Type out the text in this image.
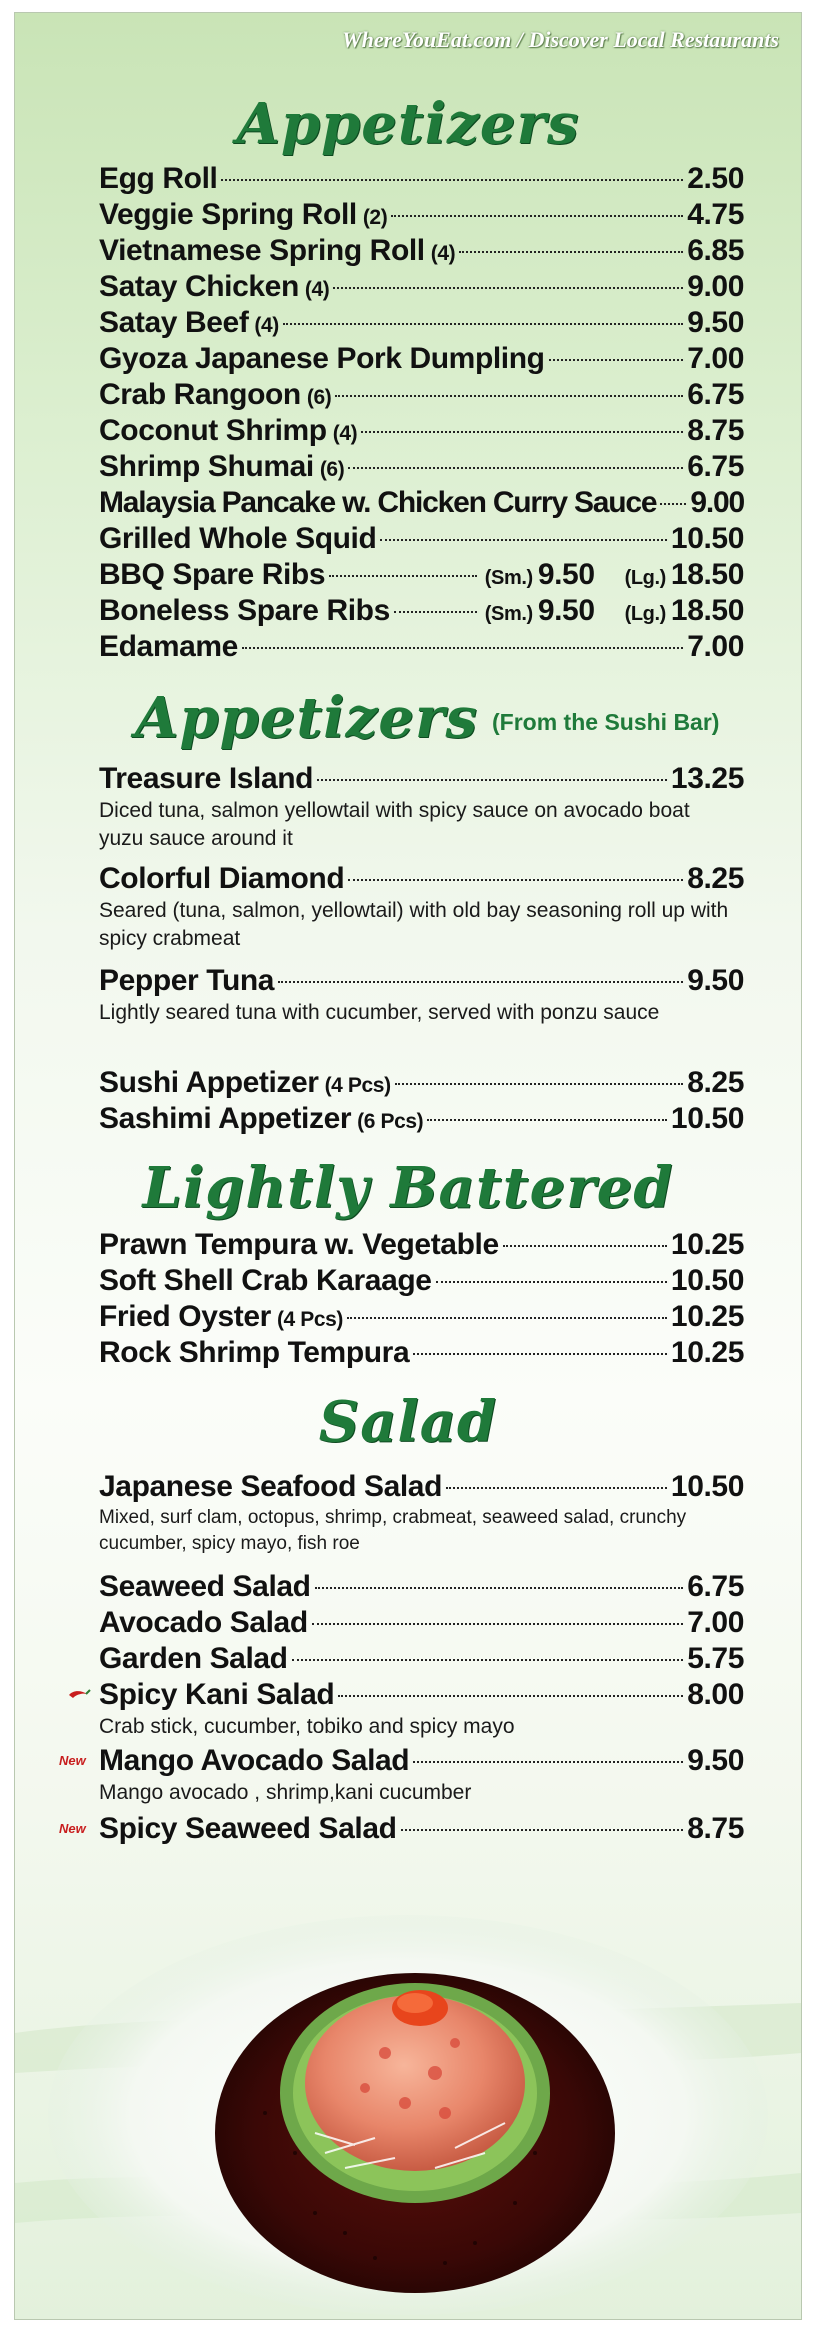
WhereYouEat.com / Discover Local Restaurants
Appetizers
Egg Roll	2.50
Veggie Spring Roll (2)	4.75
Vietnamese Spring Roll (4)	6.85
Satay Chicken (4)	9.00
Satay Beef (4)	9.50
Gyoza Japanese Pork Dumpling	7.00
Crab Rangoon (6)	6.75
Coconut Shrimp (4)	8.75
Shrimp Shumai (6)	6.75
Malaysia Pancake w. Chicken Curry Sauce 9.00
Grilled Whole Squid	10.50
BBQ Spare Ribs	(Sm.) 9.50 (Lg.) 18.50
Boneless Spare Ribs	(Sm.) 9.50 (Lg.) 18.50
Edamame	7.00
Appetizers (From the Sushi Bar)
Treasure Island	13.25
Diced tuna, salmon yellowtail with spicy sauce on avocado boat yuzu sauce around it
Colorful Diamond	8.25
Seared (tuna, salmon, yellowtail) with old bay seasoning roll up with spicy crabmeat
Pepper Tuna	9.50
Lightly seared tuna with cucumber, served with ponzu sauce
Sushi Appetizer (4 Pcs)	8.25
Sashimi Appetizer (6 Pcs)	10.50
Lightly Battered
Prawn Tempura w. Vegetable	10.25
Soft Shell Crab Karaage	10.50
Fried Oyster (4 Pcs)	10.25
Rock Shrimp Tempura	10.25
Salad
Japanese Seafood Salad	10.50
Mixed, surf clam, octopus, shrimp, crabmeat, seaweed salad, crunchy cucumber, spicy mayo, fish roe
Seaweed Salad	6.75
Avocado Salad	7.00
Garden Salad	5.75
Spicy Kani Salad	8.00
Crab stick, cucumber, tobiko and spicy mayo
New Mango Avocado Salad	9.50
Mango avocado , shrimp,kani cucumber
New Spicy Seaweed Salad	8.75
